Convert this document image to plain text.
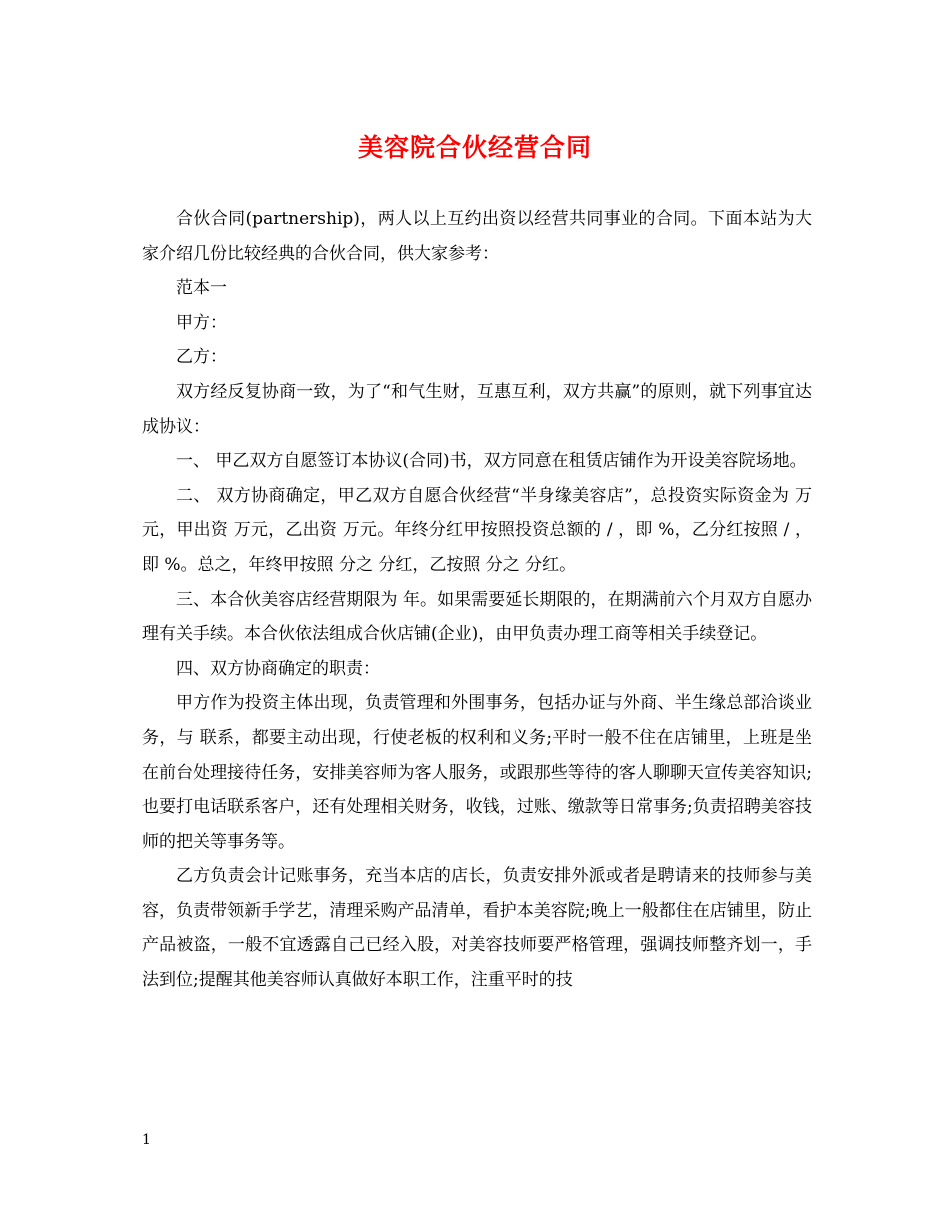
美容院合伙经营合同

合伙合同(partnership)，两人以上互约出资以经营共同事业的合同。下面本站为大家介绍几份比较经典的合伙合同，供大家参考：

范本一

甲方：

乙方：

双方经反复协商一致，为了“和气生财，互惠互利，双方共赢”的原则，就下列事宜达成协议：

一、 甲乙双方自愿签订本协议(合同)书，双方同意在租赁店铺作为开设美容院场地。

二、 双方协商确定，甲乙双方自愿合伙经营“半身缘美容店”，总投资实际资金为 万元，甲出资 万元，乙出资 万元。年终分红甲按照投资总额的 / ，即 %，乙分红按照 / ，即 %。总之，年终甲按照 分之 分红，乙按照 分之 分红。

三、本合伙美容店经营期限为 年。如果需要延长期限的，在期满前六个月双方自愿办理有关手续。本合伙依法组成合伙店铺(企业)，由甲负责办理工商等相关手续登记。

四、双方协商确定的职责：

甲方作为投资主体出现，负责管理和外围事务，包括办证与外商、半生缘总部洽谈业务，与 联系，都要主动出现，行使老板的权利和义务;平时一般不住在店铺里，上班是坐在前台处理接待任务，安排美容师为客人服务，或跟那些等待的客人聊聊天宣传美容知识;也要打电话联系客户，还有处理相关财务，收钱，过账、缴款等日常事务;负责招聘美容技师的把关等事务等。

乙方负责会计记账事务，充当本店的店长，负责安排外派或者是聘请来的技师参与美容，负责带领新手学艺，清理采购产品清单，看护本美容院;晚上一般都住在店铺里，防止产品被盗，一般不宜透露自己已经入股，对美容技师要严格管理，强调技师整齐划一，手法到位;提醒其他美容师认真做好本职工作，注重平时的技

1
